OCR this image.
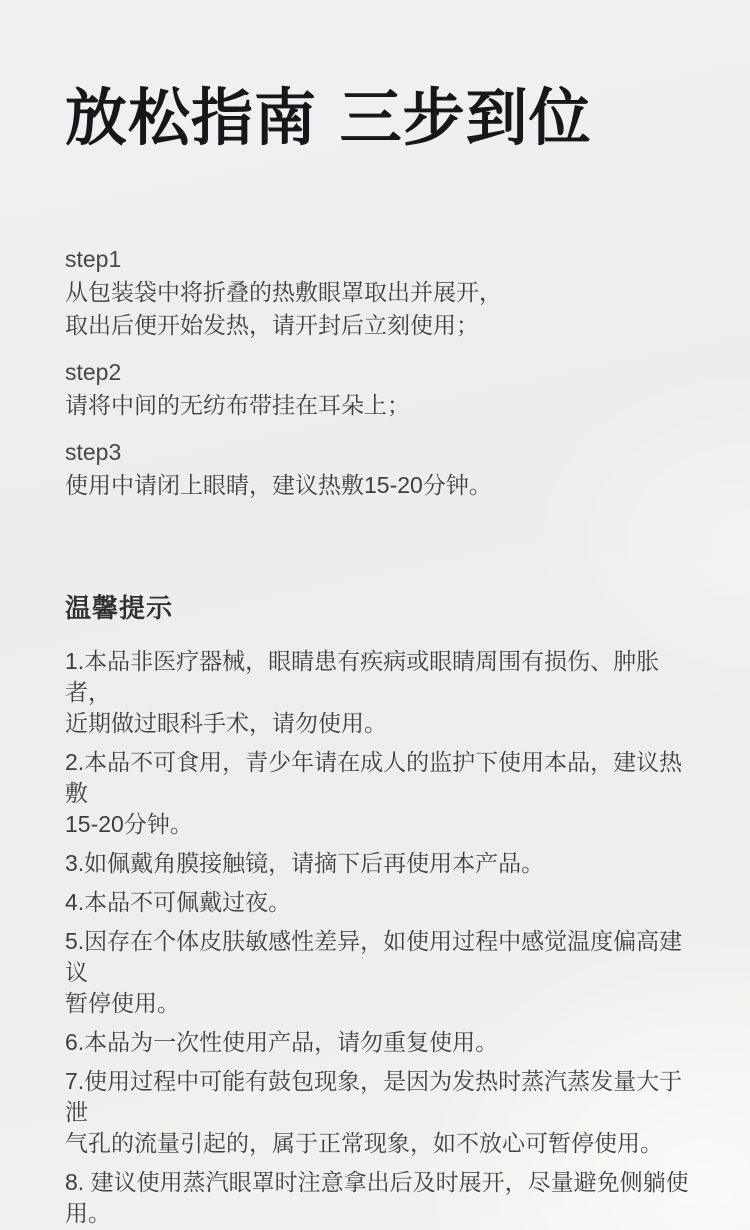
放松指南 三步到位
step1
从包装袋中将折叠的热敷眼罩取出并展开，
取出后便开始发热，请开封后立刻使用；
step2
请将中间的无纺布带挂在耳朵上；
step3
使用中请闭上眼睛，建议热敷15-20分钟。
温馨提示
1.本品非医疗器械，眼睛患有疾病或眼睛周围有损伤、肿胀者，
近期做过眼科手术，请勿使用。
2.本品不可食用，青少年请在成人的监护下使用本品，建议热敷
15-20分钟。
3.如佩戴角膜接触镜，请摘下后再使用本产品。
4.本品不可佩戴过夜。
5.因存在个体皮肤敏感性差异，如使用过程中感觉温度偏高建议
暂停使用。
6.本品为一次性使用产品，请勿重复使用。
7.使用过程中可能有鼓包现象，是因为发热时蒸汽蒸发量大于泄
气孔的流量引起的，属于正常现象，如不放心可暂停使用。
8. 建议使用蒸汽眼罩时注意拿出后及时展开，尽量避免侧躺使用。
